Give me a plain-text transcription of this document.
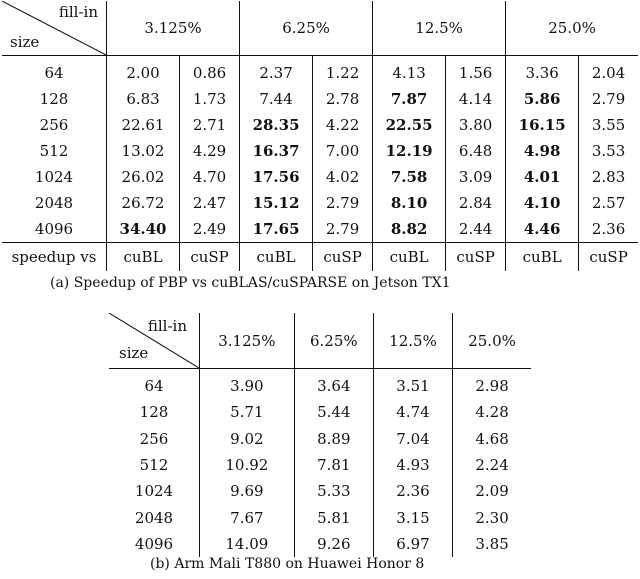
fill-in
size	3.125%		6.25%		12.5%		25.0%	
64	2.00	0.86	2.37	1.22	4.13	1.56	3.36	2.04
128	6.83	1.73	7.44	2.78	7.87	4.14	5.86	2.79
256	22.61	2.71	28.35	4.22	22.55	3.80	16.15	3.55
512	13.02	4.29	16.37	7.00	12.19	6.48	4.98	3.53
1024	26.02	4.70	17.56	4.02	7.58	3.09	4.01	2.83
2048	26.72	2.47	15.12	2.79	8.10	2.84	4.10	2.57
4096	34.40	2.49	17.65	2.79	8.82	2.44	4.46	2.36
speedup vs	cuBL	cuSP	cuBL	cuSP	cuBL	cuSP	cuBL	cuSP
(a) Speedup of PBP vs cuBLAS/cuSPARSE on Jetson TX1
fill-in
size	3.125%	6.25%	12.5%	25.0%
64	3.90	3.64	3.51	2.98
128	5.71	5.44	4.74	4.28
256	9.02	8.89	7.04	4.68
512	10.92	7.81	4.93	2.24
1024	9.69	5.33	2.36	2.09
2048	7.67	5.81	3.15	2.30
4096	14.09	9.26	6.97	3.85
(b) Arm Mali T880 on Huawei Honor 8
